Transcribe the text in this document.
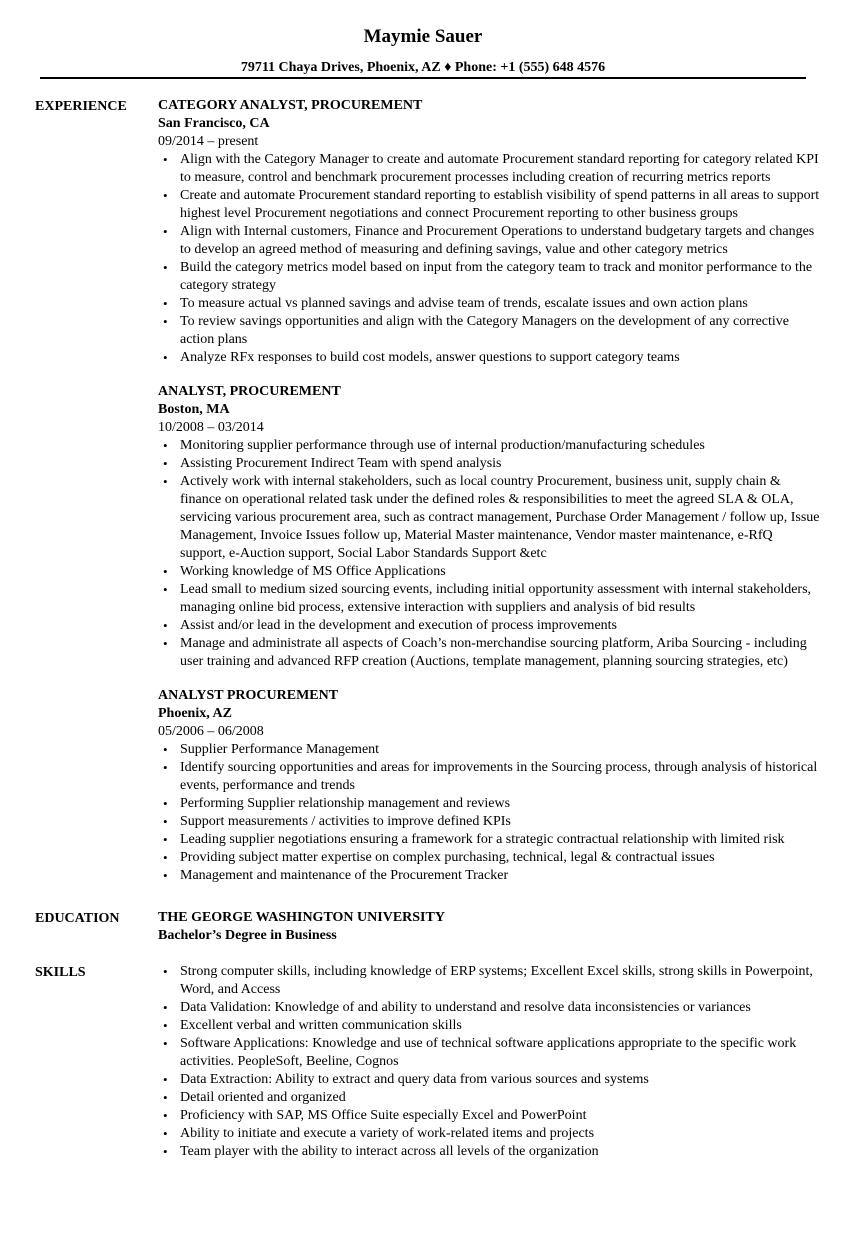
Maymie Sauer
79711 Chaya Drives, Phoenix, AZ ♦ Phone: +1 (555) 648 4576
EXPERIENCE	CATEGORY ANALYST, PROCUREMENT
San Francisco, CA
09/2014 – present
• Align with the Category Manager to create and automate Procurement standard reporting for category related KPI to measure, control and benchmark procurement processes including creation of recurring metrics reports
• Create and automate Procurement standard reporting to establish visibility of spend patterns in all areas to support highest level Procurement negotiations and connect Procurement reporting to other business groups
• Align with Internal customers, Finance and Procurement Operations to understand budgetary targets and changes to develop an agreed method of measuring and defining savings, value and other category metrics
• Build the category metrics model based on input from the category team to track and monitor performance to the category strategy
• To measure actual vs planned savings and advise team of trends, escalate issues and own action plans
• To review savings opportunities and align with the Category Managers on the development of any corrective action plans
• Analyze RFx responses to build cost models, answer questions to support category teams
ANALYST, PROCUREMENT
Boston, MA
10/2008 – 03/2014
• Monitoring supplier performance through use of internal production/manufacturing schedules
• Assisting Procurement Indirect Team with spend analysis
• Actively work with internal stakeholders, such as local country Procurement, business unit, supply chain & finance on operational related task under the defined roles & responsibilities to meet the agreed SLA & OLA, servicing various procurement area, such as contract management, Purchase Order Management / follow up, Issue Management, Invoice Issues follow up, Material Master maintenance, Vendor master maintenance, e-RfQ support, e-Auction support, Social Labor Standards Support &etc
• Working knowledge of MS Office Applications
• Lead small to medium sized sourcing events, including initial opportunity assessment with internal stakeholders, managing online bid process, extensive interaction with suppliers and analysis of bid results
• Assist and/or lead in the development and execution of process improvements
• Manage and administrate all aspects of Coach’s non-merchandise sourcing platform, Ariba Sourcing - including user training and advanced RFP creation (Auctions, template management, planning sourcing strategies, etc)
ANALYST PROCUREMENT
Phoenix, AZ
05/2006 – 06/2008
• Supplier Performance Management
• Identify sourcing opportunities and areas for improvements in the Sourcing process, through analysis of historical events, performance and trends
• Performing Supplier relationship management and reviews
• Support measurements / activities to improve defined KPIs
• Leading supplier negotiations ensuring a framework for a strategic contractual relationship with limited risk
• Providing subject matter expertise on complex purchasing, technical, legal & contractual issues
• Management and maintenance of the Procurement Tracker
EDUCATION	THE GEORGE WASHINGTON UNIVERSITY
Bachelor’s Degree in Business
SKILLS
•	Strong computer skills, including knowledge of ERP systems; Excellent Excel skills, strong skills in Powerpoint, Word, and Access
• Data Validation: Knowledge of and ability to understand and resolve data inconsistencies or variances
• Excellent verbal and written communication skills
• Software Applications: Knowledge and use of technical software applications appropriate to the specific work activities. PeopleSoft, Beeline, Cognos
• Data Extraction: Ability to extract and query data from various sources and systems
• Detail oriented and organized
• Proficiency with SAP, MS Office Suite especially Excel and PowerPoint
• Ability to initiate and execute a variety of work-related items and projects
• Team player with the ability to interact across all levels of the organization
